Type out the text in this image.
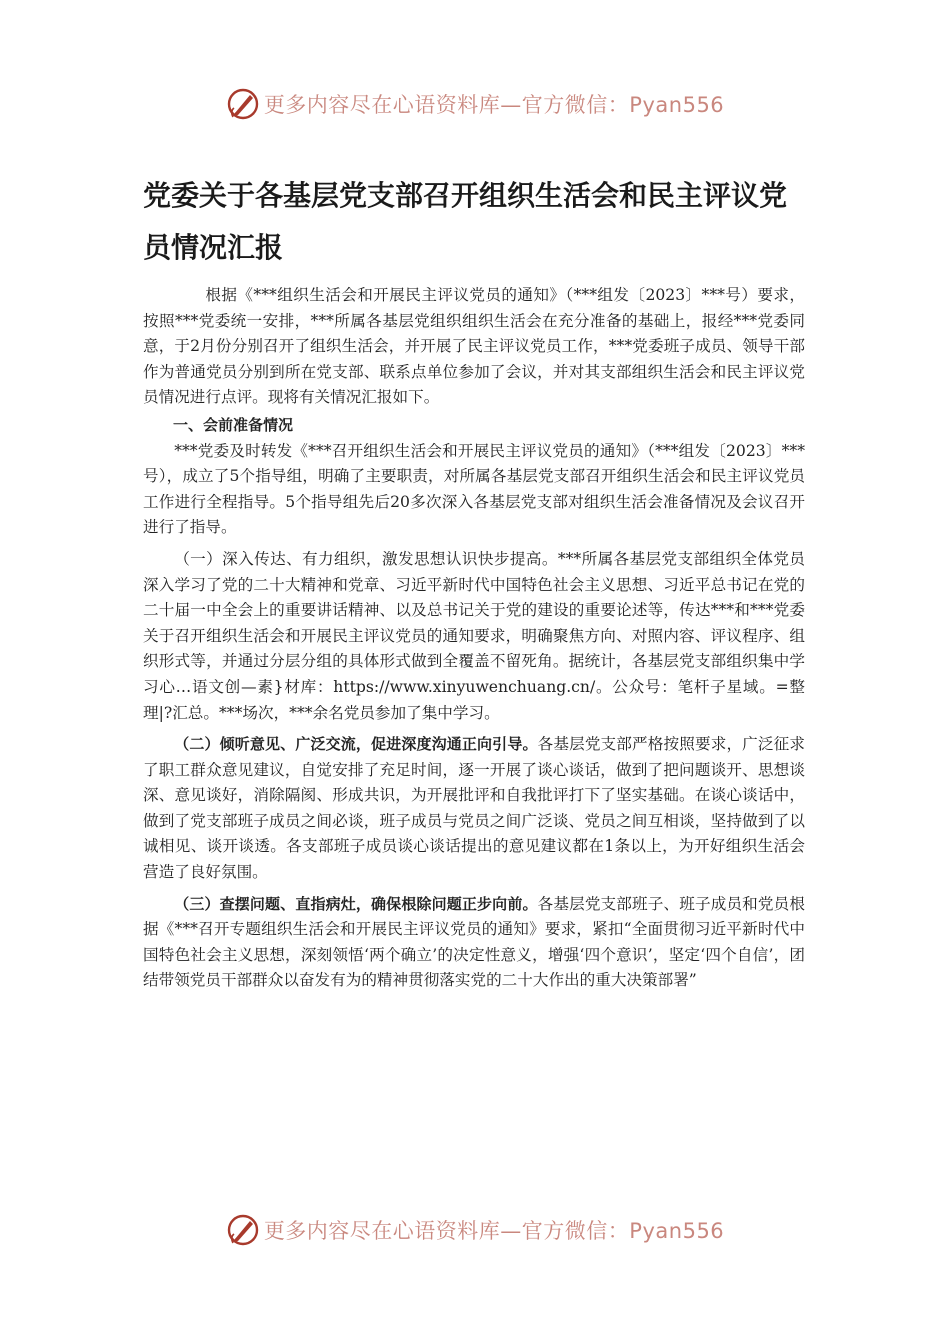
更多内容尽在心语资料库—官方微信：Pyan556
党委关于各基层党支部召开组织生活会和民主评议党员情况汇报

根据《***组织生活会和开展民主评议党员的通知》（***组发〔2023〕***号）要求，按照***党委统一安排，***所属各基层党组织组织生活会在充分准备的基础上，报经***党委同意，于2月份分别召开了组织生活会，并开展了民主评议党员工作，***党委班子成员、领导干部作为普通党员分别到所在党支部、联系点单位参加了会议，并对其支部组织生活会和民主评议党员情况进行点评。现将有关情况汇报如下。

一、会前准备情况

***党委及时转发《***召开组织生活会和开展民主评议党员的通知》（***组发〔2023〕***号），成立了5个指导组，明确了主要职责，对所属各基层党支部召开组织生活会和民主评议党员工作进行全程指导。5个指导组先后20多次深入各基层党支部对组织生活会准备情况及会议召开进行了指导。

（一）深入传达、有力组织，激发思想认识快步提高。***所属各基层党支部组织全体党员深入学习了党的二十大精神和党章、习近平新时代中国特色社会主义思想、习近平总书记在党的二十届一中全会上的重要讲话精神、以及总书记关于党的建设的重要论述等，传达***和***党委关于召开组织生活会和开展民主评议党员的通知要求，明确聚焦方向、对照内容、评议程序、组织形式等，并通过分层分组的具体形式做到全覆盖不留死角。据统计，各基层党支部组织集中学习心…语文创—素}材库：https://www.xinyuwenchuang.cn/。公众号：笔杆子星域。=整理|?汇总。***场次，***余名党员参加了集中学习。

（二）倾听意见、广泛交流，促进深度沟通正向引导。各基层党支部严格按照要求，广泛征求了职工群众意见建议，自觉安排了充足时间，逐一开展了谈心谈话，做到了把问题谈开、思想谈深、意见谈好，消除隔阂、形成共识，为开展批评和自我批评打下了坚实基础。在谈心谈话中，做到了党支部班子成员之间必谈，班子成员与党员之间广泛谈、党员之间互相谈，坚持做到了以诚相见、谈开谈透。各支部班子成员谈心谈话提出的意见建议都在1条以上，为开好组织生活会营造了良好氛围。

（三）查摆问题、直指病灶，确保根除问题正步向前。各基层党支部班子、班子成员和党员根据《***召开专题组织生活会和开展民主评议党员的通知》要求，紧扣“全面贯彻习近平新时代中国特色社会主义思想，深刻领悟‘两个确立’的决定性意义，增强‘四个意识’，坚定‘四个自信’，团结带领党员干部群众以奋发有为的精神贯彻落实党的二十大作出的重大决策部署”

更多内容尽在心语资料库—官方微信：Pyan556
